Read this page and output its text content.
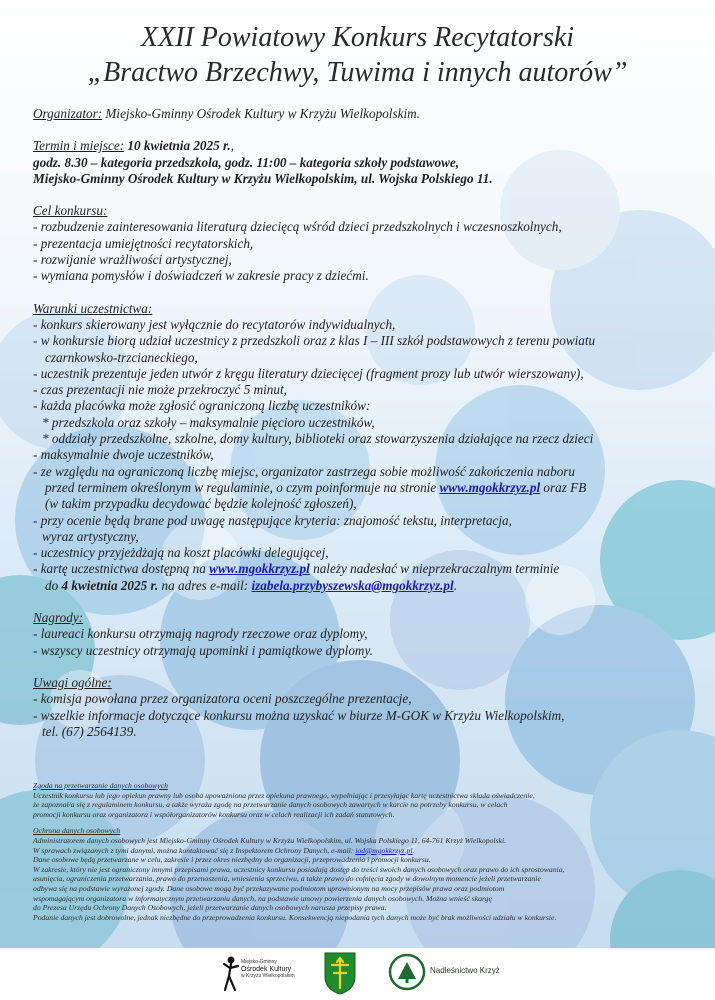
XXII Powiatowy Konkurs Recytatorski
„Bractwo Brzechwy, Tuwima i innych autorów”

Organizator: Miejsko-Gminny Ośrodek Kultury w Krzyżu Wielkopolskim.

Termin i miejsce: 10 kwietnia 2025 r.,

godz. 8.30 – kategoria przedszkola, godz. 11:00 – kategoria szkoły podstawowe,

Miejsko-Gminny Ośrodek Kultury w Krzyżu Wielkopolskim, ul. Wojska Polskiego 11.

Cel konkursu:

- rozbudzenie zainteresowania literaturą dziecięcą wśród dzieci przedszkolnych i wczesnoszkolnych,

- prezentacja umiejętności recytatorskich,

- rozwijanie wrażliwości artystycznej,

- wymiana pomysłów i doświadczeń w zakresie pracy z dziećmi.

Warunki uczestnictwa:

- konkurs skierowany jest wyłącznie do recytatorów indywidualnych,

- w konkursie biorą udział uczestnicy z przedszkoli oraz z klas I – III szkół podstawowych z terenu powiatu

czarnkowsko-trzcianeckiego,

- uczestnik prezentuje jeden utwór z kręgu literatury dziecięcej (fragment prozy lub utwór wierszowany),

- czas prezentacji nie może przekroczyć 5 minut,

- każda placówka może zgłosić ograniczoną liczbę uczestników:

* przedszkola oraz szkoły – maksymalnie pięcioro uczestników,

* oddziały przedszkolne, szkolne, domy kultury, biblioteki oraz stowarzyszenia działające na rzecz dzieci

- maksymalnie dwoje uczestników,

- ze względu na ograniczoną liczbę miejsc, organizator zastrzega sobie możliwość zakończenia naboru

przed terminem określonym w regulaminie, o czym poinformuje na stronie www.mgokkrzyz.pl oraz FB

(w takim przypadku decydować będzie kolejność zgłoszeń),

- przy ocenie będą brane pod uwagę następujące kryteria: znajomość tekstu, interpretacja,

wyraz artystyczny,

- uczestnicy przyjeżdżają na koszt placówki delegującej,

- kartę uczestnictwa dostępną na www.mgokkrzyz.pl należy nadesłać w nieprzekraczalnym terminie

do 4 kwietnia 2025 r. na adres e-mail: izabela.przybyszewska@mgokkrzyz.pl.

Nagrody:

- laureaci konkursu otrzymają nagrody rzeczowe oraz dyplomy,

- wszyscy uczestnicy otrzymają upominki i pamiątkowe dyplomy.

Uwagi ogólne:

- komisja powołana przez organizatora oceni poszczególne prezentacje,

- wszelkie informacje dotyczące konkursu można uzyskać w biurze M-GOK w Krzyżu Wielkopolskim,

tel. (67) 2564139.

Zgoda na przetwarzanie danych osobowych

Uczestnik konkursu lub jego opiekun prawny lub osoba upoważniona przez opiekuna prawnego, wypełniając i przesyłając kartę uczestnictwa składa oświadczenie,

że zapoznał/a się z regulaminem konkursu, a także wyraża zgodę na przetwarzanie danych osobowych zawartych w karcie na potrzeby konkursu, w celach

promocji konkursu oraz organizatora i współorganizatorów konkursu oraz w celach realizacji ich zadań statutowych.

Ochrona danych osobowych

Administratorem danych osobowych jest Miejsko-Gminny Ośrodek Kultury w Krzyżu Wielkopolskim, ul. Wojska Polskiego 11, 64-761 Krzyż Wielkopolski.

W sprawach związanych z tymi danymi, można kontaktować się z Inspektorem Ochrony Danych, e-mail: iod@mgokkrzyz.pl.

Dane osobowe będą przetwarzane w celu, zakresie i przez okres niezbędny do organizacji, przeprowadzenia i promocji konkursu.

W zakresie, który nie jest ograniczony innymi przepisami prawa, uczestnicy konkursu posiadają dostęp do treści swoich danych osobowych oraz prawo do ich sprostowania,

usunięcia, ograniczenia przetwarzania, prawo do przenoszenia, wniesienia sprzeciwu, a także prawo do cofnięcia zgody w dowolnym momencie jeżeli przetwarzanie

odbywa się na podstawie wyrażonej zgody. Dane osobowe mogą być przekazywane podmiotom uprawnionym na mocy przepisów prawa oraz podmiotom

wspomagającym organizatora w informatycznym przetwarzaniu danych, na podstawie umowy powierzenia danych osobowych. Można wnieść skargę

do Prezesa Urzędu Ochrony Danych Osobowych, jeżeli przetwarzanie danych osobowych narusza przepisy prawa.

Podanie danych jest dobrowolne, jednak niezbędne do przeprowadzenia konkursu. Konsekwencją niepodania tych danych może być brak możliwości udziału w konkursie.

Miejsko-Gminny
Ośrodek Kultury
w Krzyżu Wielkopolskim
Nadleśnictwo Krzyż
